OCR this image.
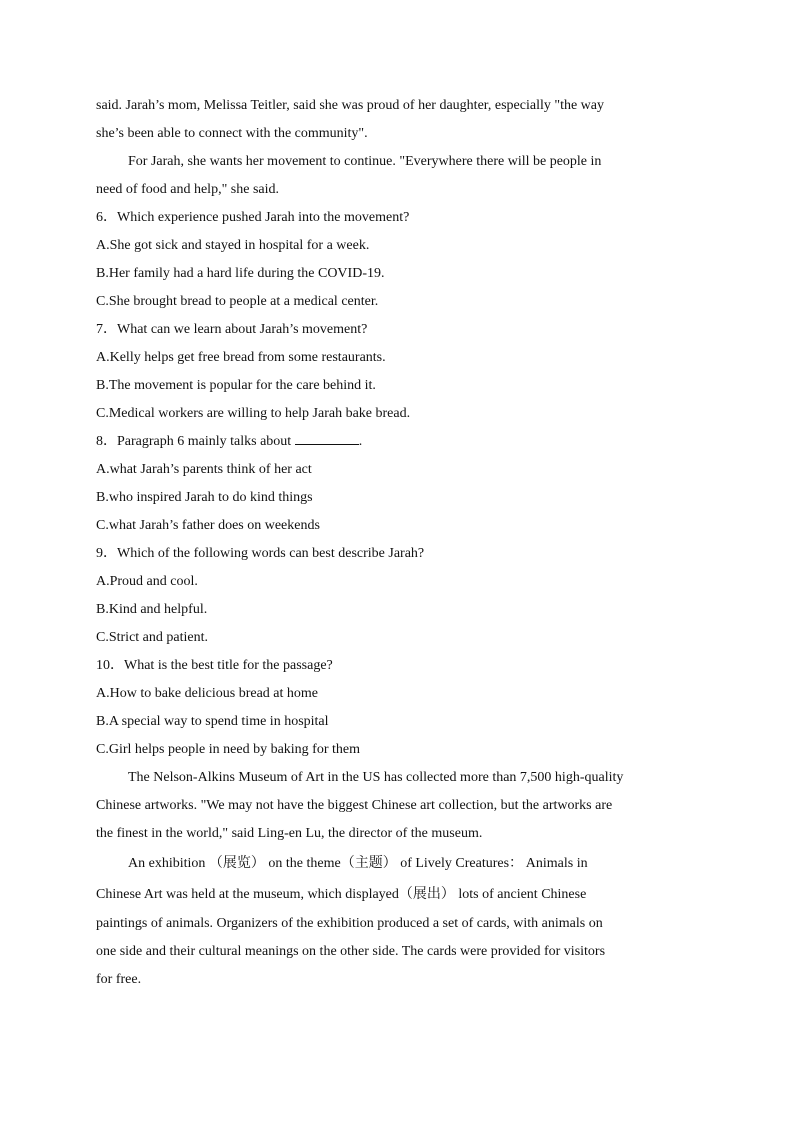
said. Jarah’s mom, Melissa Teitler, said she was proud of her daughter, especially "the way

she’s been able to connect with the community".

For Jarah, she wants her movement to continue. "Everywhere there will be people in

need of food and help," she said.

6．Which experience pushed Jarah into the movement?

A.She got sick and stayed in hospital for a week.

B.Her family had a hard life during the COVID-19.

C.She brought bread to people at a medical center.

7．What can we learn about Jarah’s movement?

A.Kelly helps get free bread from some restaurants.

B.The movement is popular for the care behind it.

C.Medical workers are willing to help Jarah bake bread.

8．Paragraph 6 mainly talks about	.

A.what Jarah’s parents think of her act

B.who inspired Jarah to do kind things

C.what Jarah’s father does on weekends

9．Which of the following words can best describe Jarah?

A.Proud and cool.

B.Kind and helpful.

C.Strict and patient.

10．What is the best title for the passage?

A.How to bake delicious bread at home

B.A special way to spend time in hospital

C.Girl helps people in need by baking for them

The Nelson-Alkins Museum of Art in the US has collected more than 7,500 high-quality

Chinese artworks. "We may not have the biggest Chinese art collection, but the artworks are

the finest in the world," said Ling-en Lu, the director of the museum.

An exhibition （展览） on the theme（主题） of Lively Creatures： Animals in

Chinese Art was held at the museum, which displayed（展出） lots of ancient Chinese

paintings of animals. Organizers of the exhibition produced a set of cards, with animals on

one side and their cultural meanings on the other side. The cards were provided for visitors

for free.
